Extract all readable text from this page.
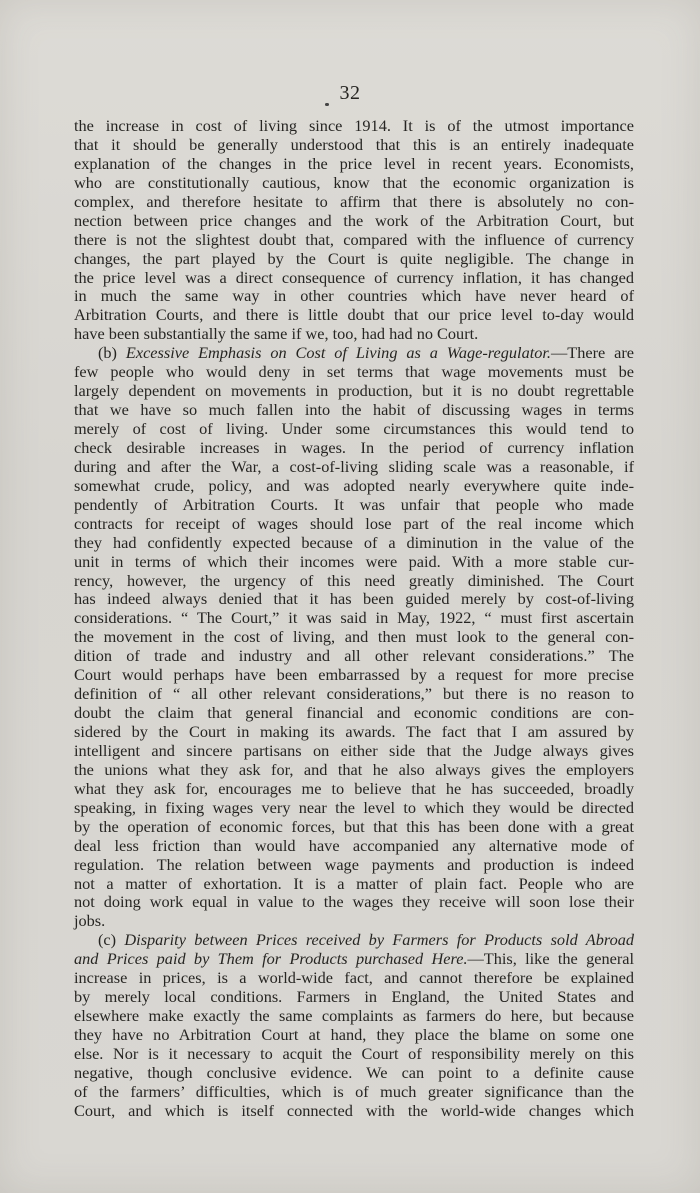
32
the increase in cost of living since 1914. It is of the utmost importance
that it should be generally understood that this is an entirely inadequate
explanation of the changes in the price level in recent years. Economists,
who are constitutionally cautious, know that the economic organization is
complex, and therefore hesitate to affirm that there is absolutely no con-
nection between price changes and the work of the Arbitration Court, but
there is not the slightest doubt that, compared with the influence of currency
changes, the part played by the Court is quite negligible. The change in
the price level was a direct consequence of currency inflation, it has changed
in much the same way in other countries which have never heard of
Arbitration Courts, and there is little doubt that our price level to-day would
have been substantially the same if we, too, had had no Court.
(b) Excessive Emphasis on Cost of Living as a Wage-regulator.—There are
few people who would deny in set terms that wage movements must be
largely dependent on movements in production, but it is no doubt regrettable
that we have so much fallen into the habit of discussing wages in terms
merely of cost of living. Under some circumstances this would tend to
check desirable increases in wages. In the period of currency inflation
during and after the War, a cost-of-living sliding scale was a reasonable, if
somewhat crude, policy, and was adopted nearly everywhere quite inde-
pendently of Arbitration Courts. It was unfair that people who made
contracts for receipt of wages should lose part of the real income which
they had confidently expected because of a diminution in the value of the
unit in terms of which their incomes were paid. With a more stable cur-
rency, however, the urgency of this need greatly diminished. The Court
has indeed always denied that it has been guided merely by cost-of-living
considerations. “ The Court,” it was said in May, 1922, “ must first ascertain
the movement in the cost of living, and then must look to the general con-
dition of trade and industry and all other relevant considerations.” The
Court would perhaps have been embarrassed by a request for more precise
definition of “ all other relevant considerations,” but there is no reason to
doubt the claim that general financial and economic conditions are con-
sidered by the Court in making its awards. The fact that I am assured by
intelligent and sincere partisans on either side that the Judge always gives
the unions what they ask for, and that he also always gives the employers
what they ask for, encourages me to believe that he has succeeded, broadly
speaking, in fixing wages very near the level to which they would be directed
by the operation of economic forces, but that this has been done with a great
deal less friction than would have accompanied any alternative mode of
regulation. The relation between wage payments and production is indeed
not a matter of exhortation. It is a matter of plain fact. People who are
not doing work equal in value to the wages they receive will soon lose their
jobs.
(c) Disparity between Prices received by Farmers for Products sold Abroad
and Prices paid by Them for Products purchased Here.—This, like the general
increase in prices, is a world-wide fact, and cannot therefore be explained
by merely local conditions. Farmers in England, the United States and
elsewhere make exactly the same complaints as farmers do here, but because
they have no Arbitration Court at hand, they place the blame on some one
else. Nor is it necessary to acquit the Court of responsibility merely on this
negative, though conclusive evidence. We can point to a definite cause
of the farmers’ difficulties, which is of much greater significance than the
Court, and which is itself connected with the world-wide changes which
